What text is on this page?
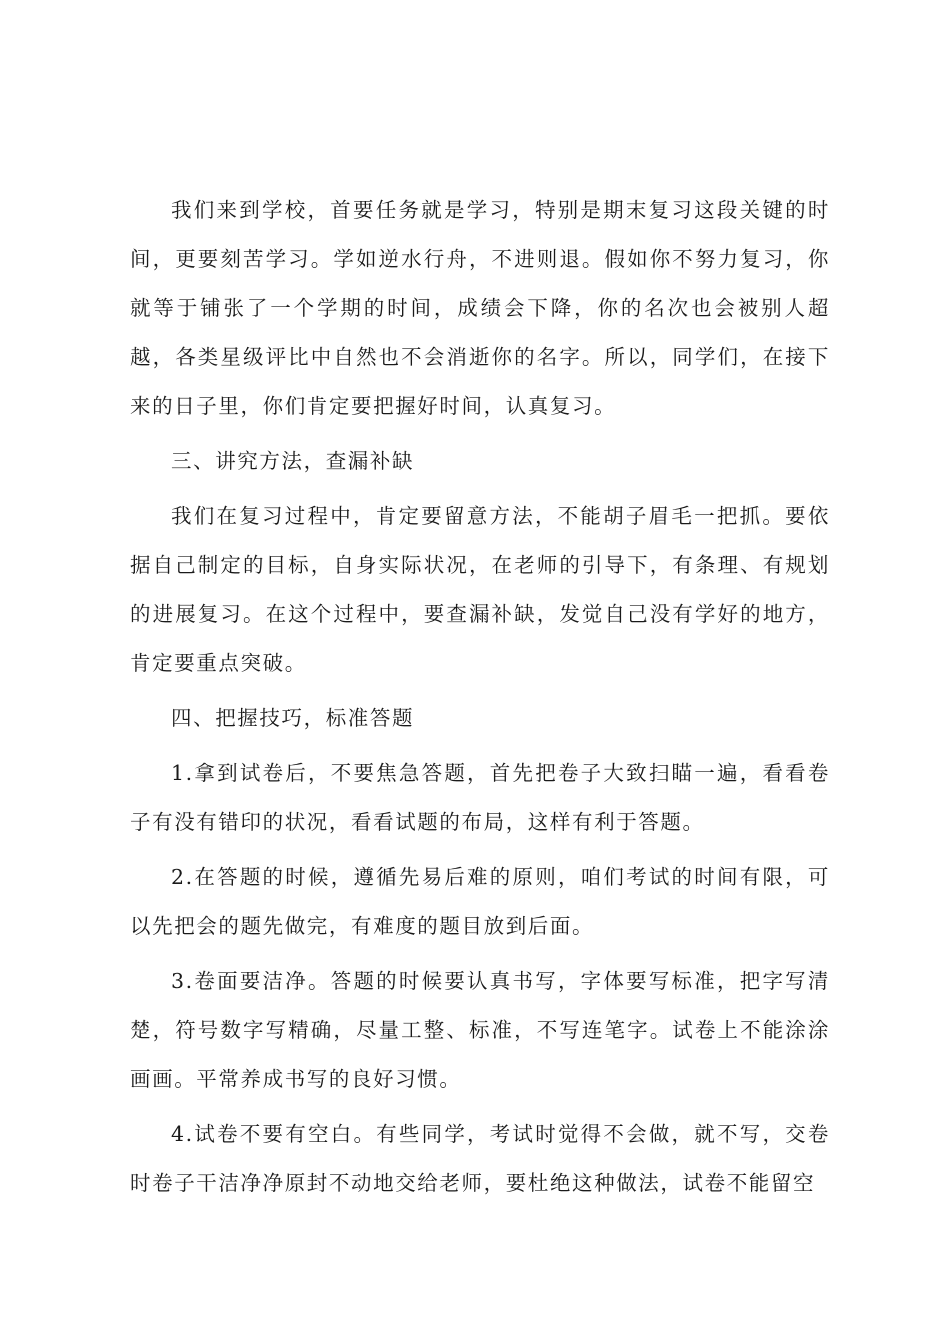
我们来到学校，首要任务就是学习，特别是期末复习这段关键的时间，更要刻苦学习。学如逆水行舟，不进则退。假如你不努力复习，你就等于铺张了一个学期的时间，成绩会下降，你的名次也会被别人超越，各类星级评比中自然也不会消逝你的名字。所以，同学们，在接下来的日子里，你们肯定要把握好时间，认真复习。

三、讲究方法，查漏补缺

我们在复习过程中，肯定要留意方法，不能胡子眉毛一把抓。要依据自己制定的目标，自身实际状况，在老师的引导下，有条理、有规划的进展复习。在这个过程中，要查漏补缺，发觉自己没有学好的地方，肯定要重点突破。

四、把握技巧，标准答题

1.拿到试卷后，不要焦急答题，首先把卷子大致扫瞄一遍，看看卷子有没有错印的状况，看看试题的布局，这样有利于答题。

2.在答题的时候，遵循先易后难的原则，咱们考试的时间有限，可以先把会的题先做完，有难度的题目放到后面。

3.卷面要洁净。答题的时候要认真书写，字体要写标准，把字写清楚，符号数字写精确，尽量工整、标准，不写连笔字。试卷上不能涂涂画画。平常养成书写的良好习惯。

4.试卷不要有空白。有些同学，考试时觉得不会做，就不写，交卷时卷子干洁净净原封不动地交给老师，要杜绝这种做法，试卷不能留空
